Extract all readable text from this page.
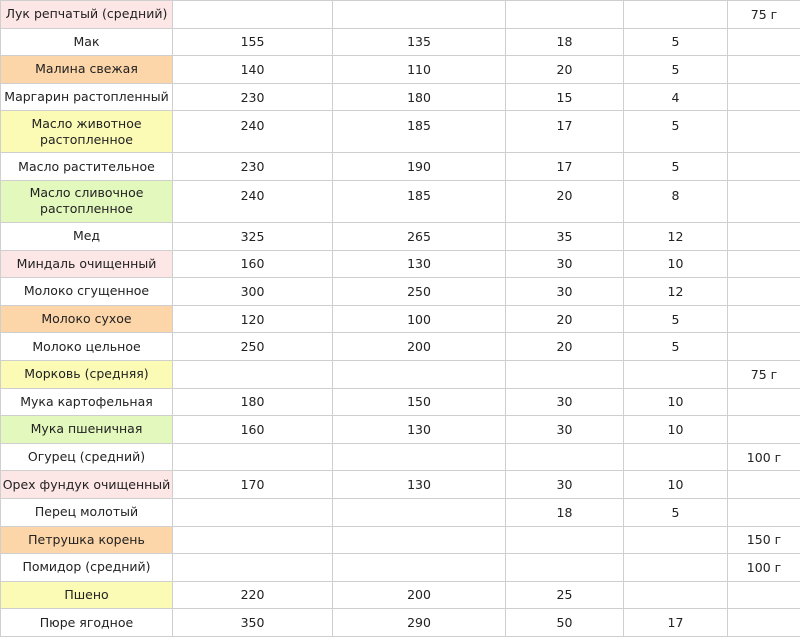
Лук репчатый (средний)					75 г
Мак	155	135	18	5	
Малина свежая	140	110	20	5	
Маргарин растопленный	230	180	15	4	
Масло животное растопленное	240	185	17	5	
Масло растительное	230	190	17	5	
Масло сливочное растопленное	240	185	20	8	
Мед	325	265	35	12	
Миндаль очищенный	160	130	30	10	
Молоко сгущенное	300	250	30	12	
Молоко сухое	120	100	20	5	
Молоко цельное	250	200	20	5	
Морковь (средняя)					75 г
Мука картофельная	180	150	30	10	
Мука пшеничная	160	130	30	10	
Огурец (средний)					100 г
Орех фундук очищенный	170	130	30	10	
Перец молотый			18	5	
Петрушка корень					150 г
Помидор (средний)					100 г
Пшено	220	200	25		
Пюре ягодное	350	290	50	17	
